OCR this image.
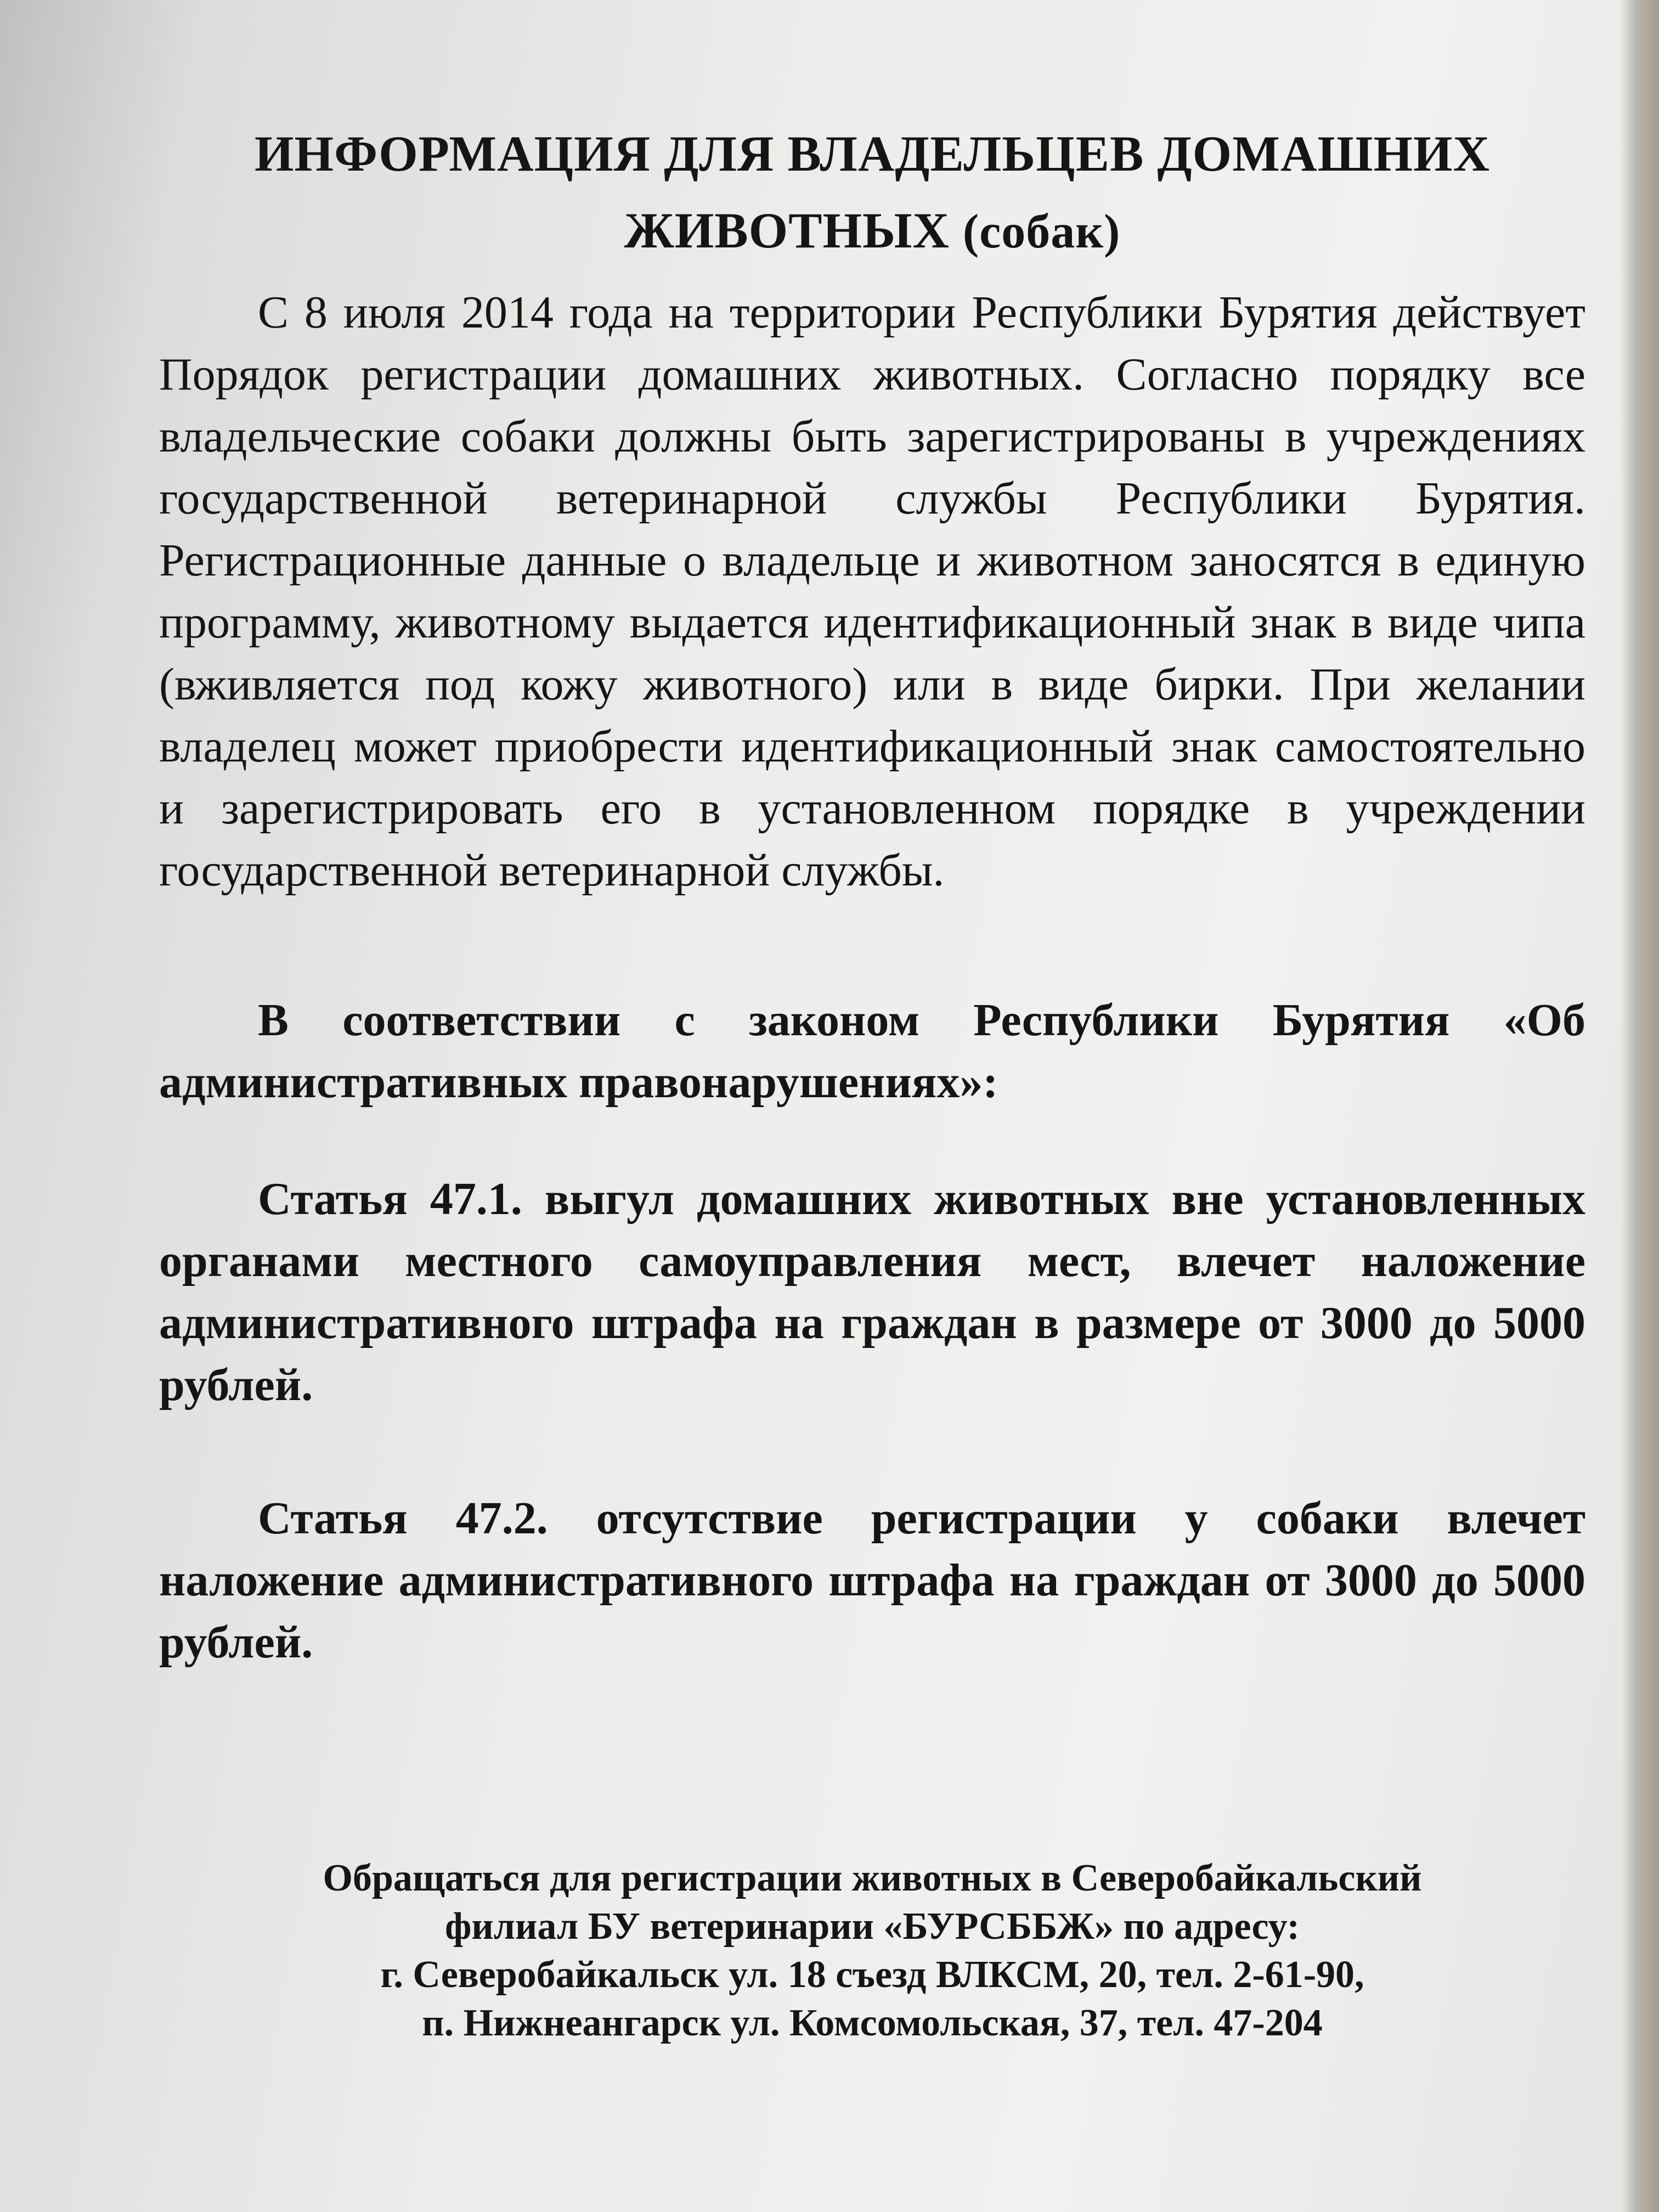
ИНФОРМАЦИЯ ДЛЯ ВЛАДЕЛЬЦЕВ ДОМАШНИХ
ЖИВОТНЫХ (собак)

С 8 июля 2014 года на территории Республики Бурятия действует Порядок регистрации домашних животных. Согласно порядку все владельческие собаки должны быть зарегистрированы в учреждениях государственной ветеринарной службы Республики Бурятия. Регистрационные данные о владельце и животном заносятся в единую программу, животному выдается идентификационный знак в виде чипа (вживляется под кожу животного) или в виде бирки. При желании владелец может приобрести идентификационный знак самостоятельно и зарегистрировать его в установленном порядке в учреждении государственной ветеринарной службы.

В соответствии с законом Республики Бурятия «Об административных правонарушениях»:

Статья 47.1. выгул домашних животных вне установленных органами местного самоуправления мест, влечет наложение административного штрафа на граждан в размере от 3000 до 5000 рублей.

Статья 47.2. отсутствие регистрации у собаки влечет наложение административного штрафа на граждан от 3000 до 5000 рублей.

Обращаться для регистрации животных в Северобайкальский
филиал БУ ветеринарии «БУРСББЖ» по адресу:
г. Северобайкальск ул. 18 съезд ВЛКСМ, 20, тел. 2-61-90,
п. Нижнеангарск ул. Комсомольская, 37, тел. 47-204
